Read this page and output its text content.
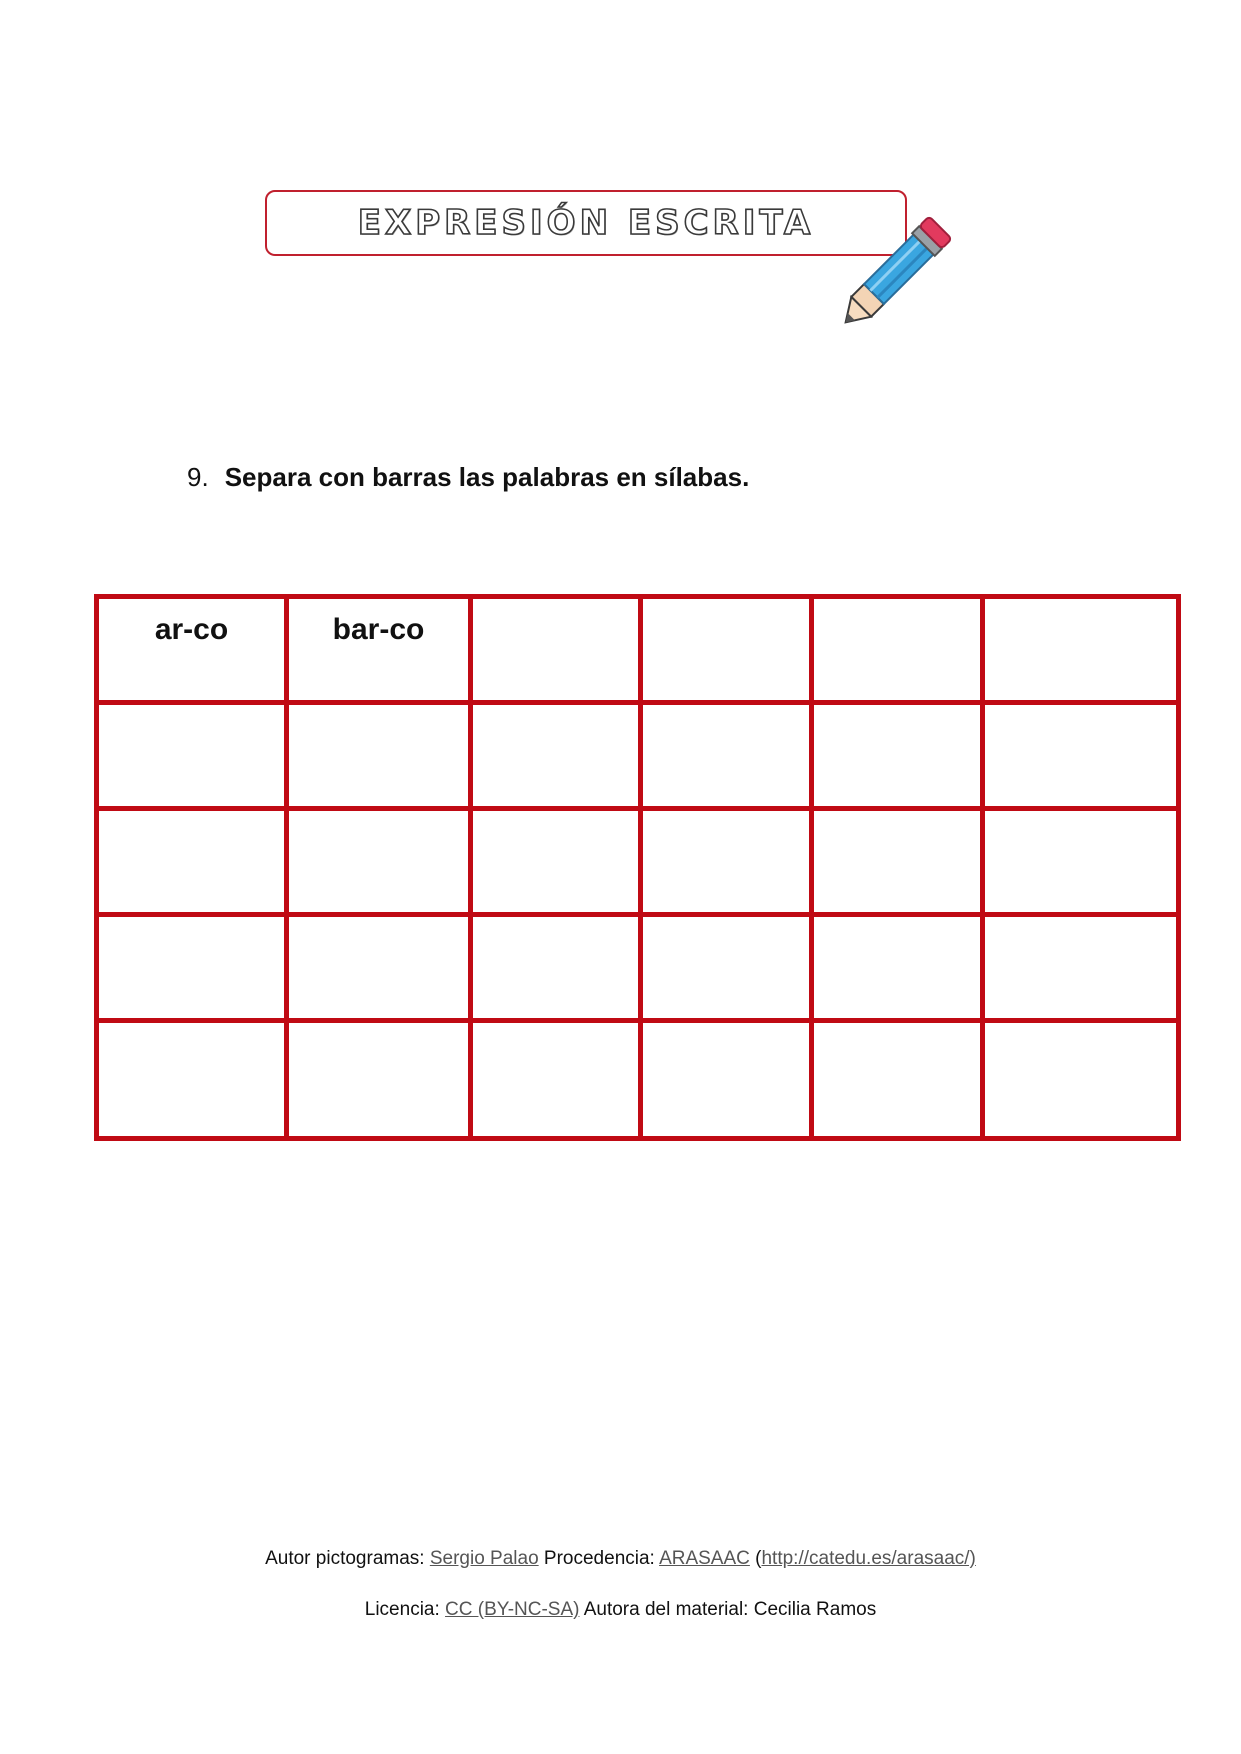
EXPRESIÓN ESCRITA
9. Separa con barras las palabras en sílabas.
ar-co	bar-co				

Autor pictogramas: Sergio Palao Procedencia: ARASAAC (http://catedu.es/arasaac/)
Licencia: CC (BY-NC-SA) Autora del material: Cecilia Ramos
